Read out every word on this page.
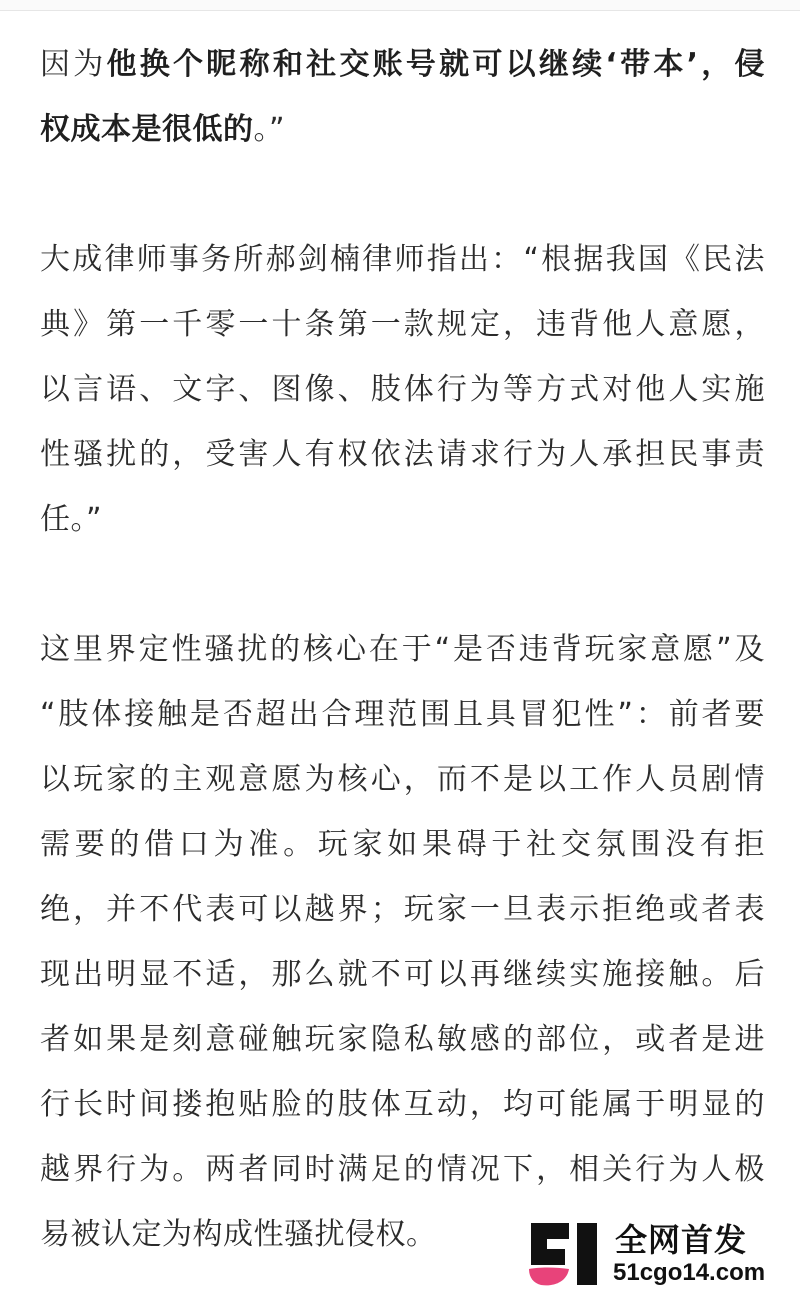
因为他换个昵称和社交账号就可以继续‘带本’，侵
权成本是很低的。”
大成律师事务所郝剑楠律师指出：“根据我国《民法
典》第一千零一十条第一款规定，违背他人意愿，
以言语、文字、图像、肢体行为等方式对他人实施
性骚扰的，受害人有权依法请求行为人承担民事责
任。”
这里界定性骚扰的核心在于“是否违背玩家意愿”及
“肢体接触是否超出合理范围且具冒犯性”：前者要
以玩家的主观意愿为核心，而不是以工作人员剧情
需要的借口为准。玩家如果碍于社交氛围没有拒
绝，并不代表可以越界；玩家一旦表示拒绝或者表
现出明显不适，那么就不可以再继续实施接触。后
者如果是刻意碰触玩家隐私敏感的部位，或者是进
行长时间搂抱贴脸的肢体互动，均可能属于明显的
越界行为。两者同时满足的情况下，相关行为人极
易被认定为构成性骚扰侵权。	全网首发
51cgo14.com
